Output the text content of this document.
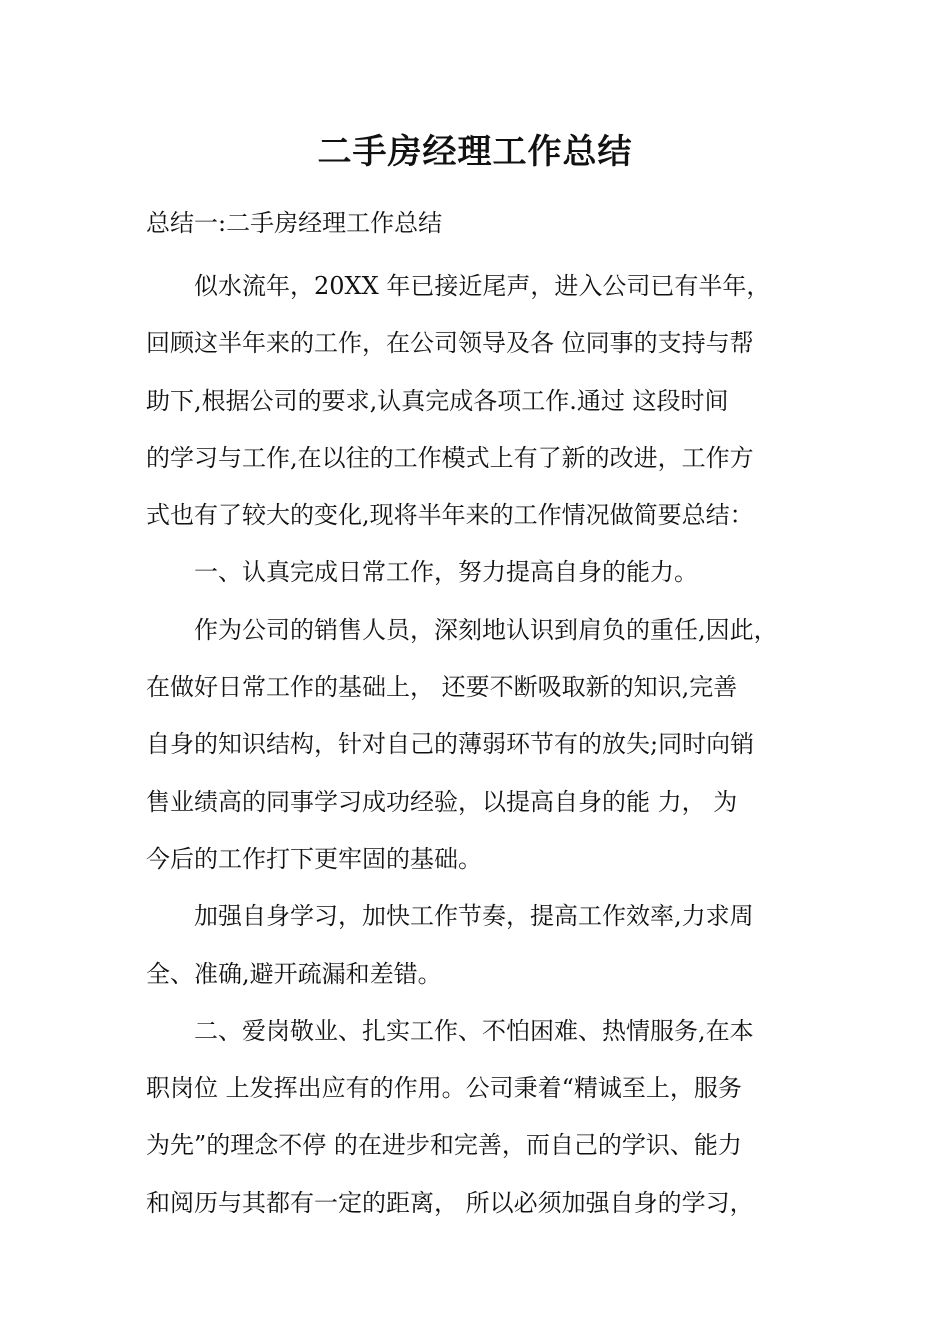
二手房经理工作总结

总结一:二手房经理工作总结

似水流年，20XX 年已接近尾声，进入公司已有半年，
回顾这半年来的工作，在公司领导及各 位同事的支持与帮
助下,根据公司的要求,认真完成各项工作.通过 这段时间
的学习与工作,在以往的工作模式上有了新的改进，工作方
式也有了较大的变化,现将半年来的工作情况做简要总结：

一、认真完成日常工作，努力提高自身的能力。

作为公司的销售人员，深刻地认识到肩负的重任,因此，
在做好日常工作的基础上， 还要不断吸取新的知识,完善
自身的知识结构，针对自己的薄弱环节有的放失;同时向销
售业绩高的同事学习成功经验，以提高自身的能 力， 为
今后的工作打下更牢固的基础。

加强自身学习，加快工作节奏，提高工作效率,力求周
全、准确,避开疏漏和差错。

二、爱岗敬业、扎实工作、不怕困难、热情服务,在本
职岗位 上发挥出应有的作用。公司秉着“精诚至上，服务
为先”的理念不停 的在进步和完善，而自己的学识、能力
和阅历与其都有一定的距离， 所以必须加强自身的学习，
